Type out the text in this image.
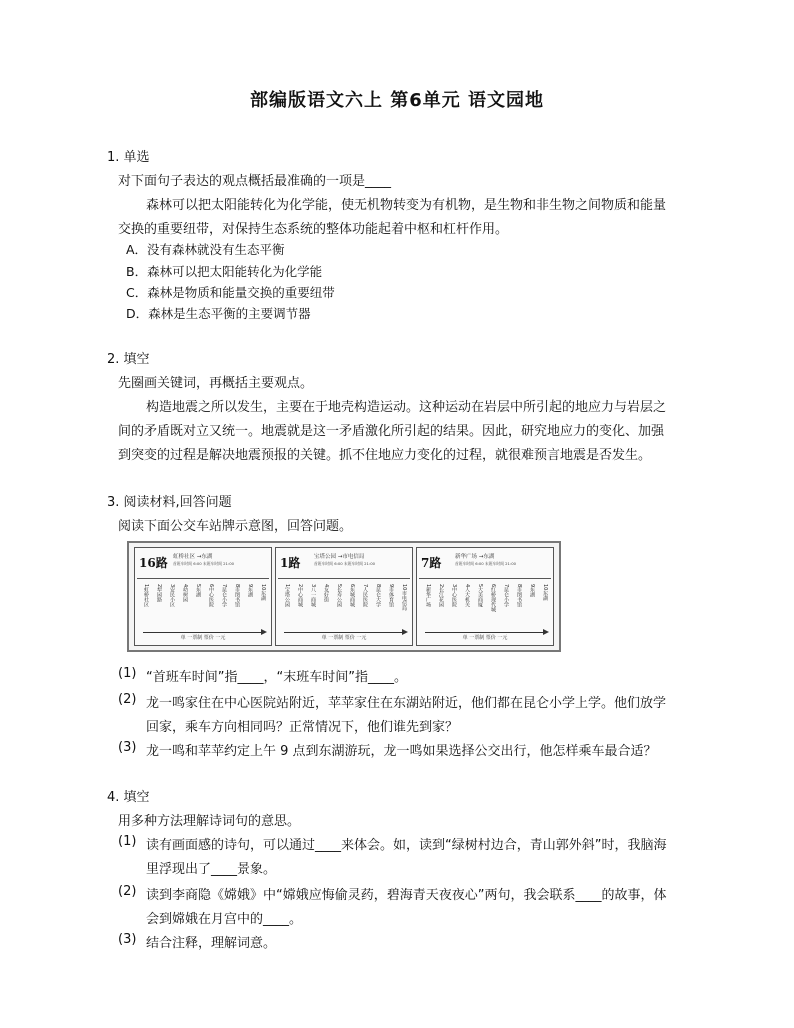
部编版语文六上 第6单元 语文园地
1. 单选
对下面句子表达的观点概括最准确的一项是____
森林可以把太阳能转化为化学能，使无机物转变为有机物，是生物和非生物之间物质和能量
交换的重要纽带，对保持生态系统的整体功能起着中枢和杠杆作用。
A．没有森林就没有生态平衡
B．森林可以把太阳能转化为化学能
C．森林是物质和能量交换的重要纽带
D．森林是生态平衡的主要调节器
2. 填空
先圈画关键词，再概括主要观点。
构造地震之所以发生，主要在于地壳构造运动。这种运动在岩层中所引起的地应力与岩层之
间的矛盾既对立又统一。地震就是这一矛盾激化所引起的结果。因此，研究地应力的变化、加强
到突变的过程是解决地震预报的关键。抓不住地应力变化的过程，就很难预言地震是否发生。
3. 阅读材料,回答问题
阅读下面公交车站牌示意图，回答问题。
16路 虹桥社区 →东湖
首班车时间 6:00 末班车时间 21:00
1虹桥社区	2犁园路	3安民小区	4幼树园	5东湖	6中心医院	7昆仑小学	8市图书馆	9东湖	10东湖
单 一票制 票价 一元
1路 宝塔公园 →市电信局
首班车时间 6:00 末班车时间 21:00
1宝塔公园	2中心商城	3八一商城	4友好街	5长寿公园	6东城商城	7人民医院	8昆仑大学	9市体育馆	10市电信局
单 一票制 票价 一元
7路 新华广场 →东湖
首班车时间 6:00 末班车时间 21:00
1新华广场	2长江花园	3中心医院	4人大机关	5大美商厦	6红桥现代城	7昆仑小学	8市图书馆	9东湖	10东湖
单 一票制 票价 一元
(1) “首班车时间”指____，“末班车时间”指____。
(2) 龙一鸣家住在中心医院站附近，苹苹家住在东湖站附近，他们都在昆仑小学上学。他们放学
回家，乘车方向相同吗？正常情况下，他们谁先到家？
(3) 龙一鸣和苹苹约定上午 9 点到东湖游玩，龙一鸣如果选择公交出行，他怎样乘车最合适？
4. 填空
用多种方法理解诗词句的意思。
(1) 读有画面感的诗句，可以通过____来体会。如，读到“绿树村边合，青山郭外斜”时，我脑海
里浮现出了____景象。
(2) 读到李商隐《嫦娥》中“嫦娥应悔偷灵药，碧海青天夜夜心”两句，我会联系____的故事，体
会到嫦娥在月宫中的____。
(3) 结合注释，理解词意。
